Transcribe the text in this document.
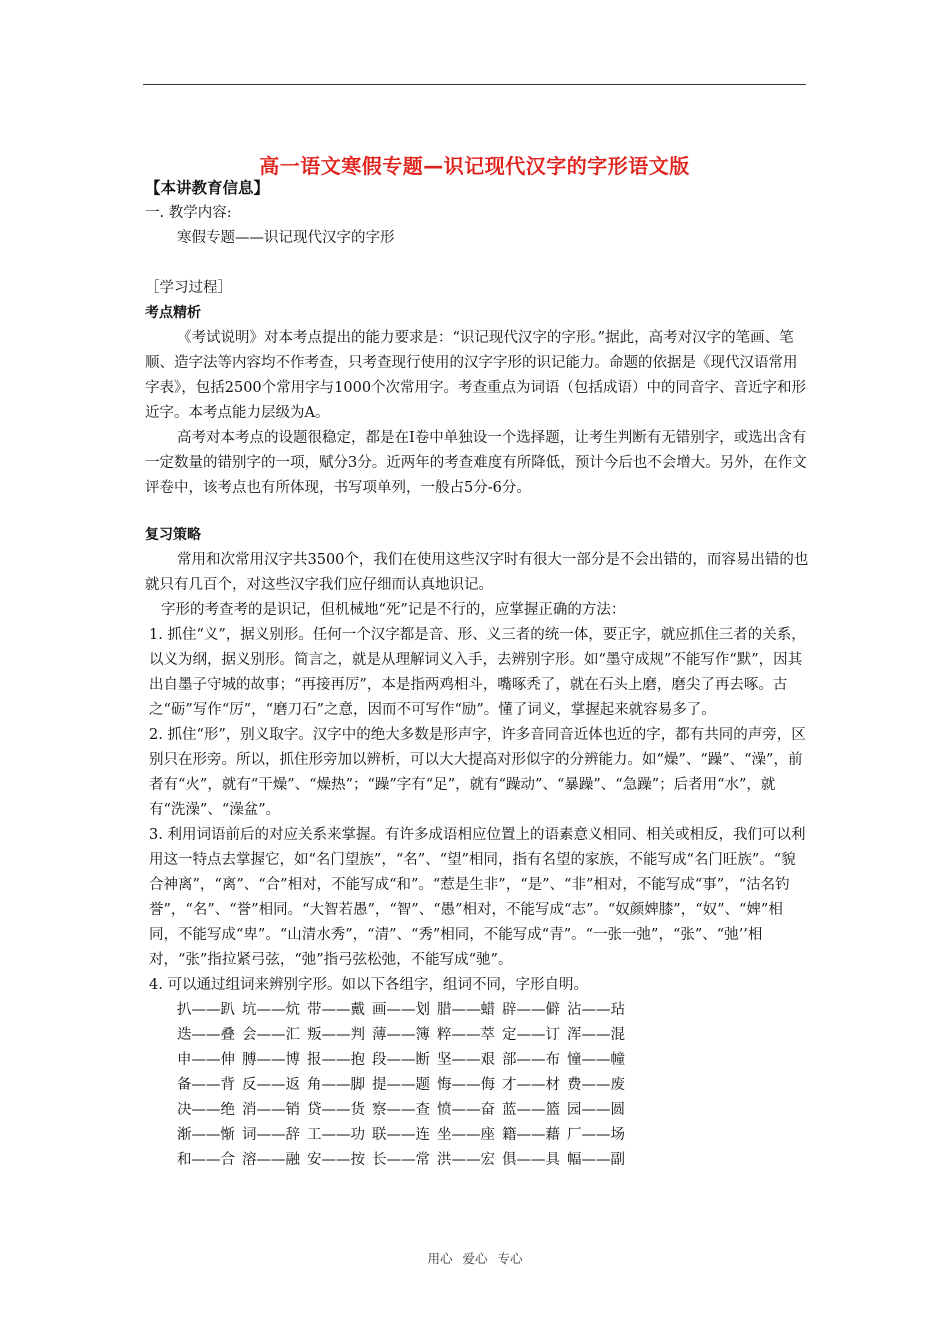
高一语文寒假专题—识记现代汉字的字形语文版

【本讲教育信息】

一. 教学内容:

寒假专题——识记现代汉字的字形

［学习过程］

考点精析

《考试说明》对本考点提出的能力要求是：“识记现代汉字的字形。”据此，高考对汉字的笔画、笔顺、造字法等内容均不作考查，只考查现行使用的汉字字形的识记能力。命题的依据是《现代汉语常用字表》，包括2500个常用字与1000个次常用字。考查重点为词语（包括成语）中的同音字、音近字和形近字。本考点能力层级为A。

高考对本考点的设题很稳定，都是在I卷中单独设一个选择题，让考生判断有无错别字，或选出含有一定数量的错别字的一项，赋分3分。近两年的考查难度有所降低，预计今后也不会增大。另外，在作文评卷中，该考点也有所体现，书写项单列，一般占5分-6分。

复习策略

常用和次常用汉字共3500个，我们在使用这些汉字时有很大一部分是不会出错的，而容易出错的也就只有几百个，对这些汉字我们应仔细而认真地识记。

字形的考查考的是识记，但机械地“死”记是不行的，应掌握正确的方法：

1. 抓住“义”，据义别形。任何一个汉字都是音、形、义三者的统一体，要正字，就应抓住三者的关系，以义为纲，据义别形。简言之，就是从理解词义入手，去辨别字形。如“墨守成规”不能写作“默”，因其出自墨子守城的故事；“再接再厉”，本是指两鸡相斗，嘴啄秃了，就在石头上磨，磨尖了再去啄。古之“砺”写作“厉”，“磨刀石”之意，因而不可写作“励”。懂了词义，掌握起来就容易多了。

2. 抓住“形”，别义取字。汉字中的绝大多数是形声字，许多音同音近体也近的字，都有共同的声旁，区别只在形旁。所以，抓住形旁加以辨析，可以大大提高对形似字的分辨能力。如“燥”、“躁”、“澡”，前者有“火”，就有“干燥”、“燥热”；“躁”字有“足”，就有“躁动”、“暴躁”、“急躁”；后者用“水”，就有“洗澡”、“澡盆”。

3. 利用词语前后的对应关系来掌握。有许多成语相应位置上的语素意义相同、相关或相反，我们可以利用这一特点去掌握它，如“名门望族”，“名”、“望”相同，指有名望的家族，不能写成“名门旺族”。“貌合神离”，“离”、“合”相对，不能写成“和”。“惹是生非”，“是”、“非”相对，不能写成“事”，“沽名钓誉”，“名”、“誉”相同。“大智若愚”，“智”、“愚”相对，不能写成“志”。“奴颜婢膝”，“奴”、“婢”相同，不能写成“卑”。“山清水秀”，“清”、“秀”相同，不能写成“青”。“一张一弛”，“张”、“弛’’相对，“张”指拉紧弓弦，“弛”指弓弦松弛，不能写成“驰”。

4. 可以通过组词来辨别字形。如以下各组字，组词不同，字形自明。

扒——趴 坑——炕 带——戴 画——划 腊——蜡 辟——僻 沾——玷
迭——叠 会——汇 叛——判 薄——簿 粹——萃 定——订 浑——混
申——伸 膊——博 报——抱 段——断 坚——艰 部——布 憧——幢
备——背 反——返 角——脚 提——题 悔——侮 才——材 费——废
决——绝 消——销 贷——货 察——查 愤——奋 蓝——篮 园——圆
渐——惭 词——辞 工——功 联——连 坐——座 籍——藉 厂——场
和——合 溶——融 安——按 长——常 洪——宏 俱——具 幅——副
用心 爱心 专心
